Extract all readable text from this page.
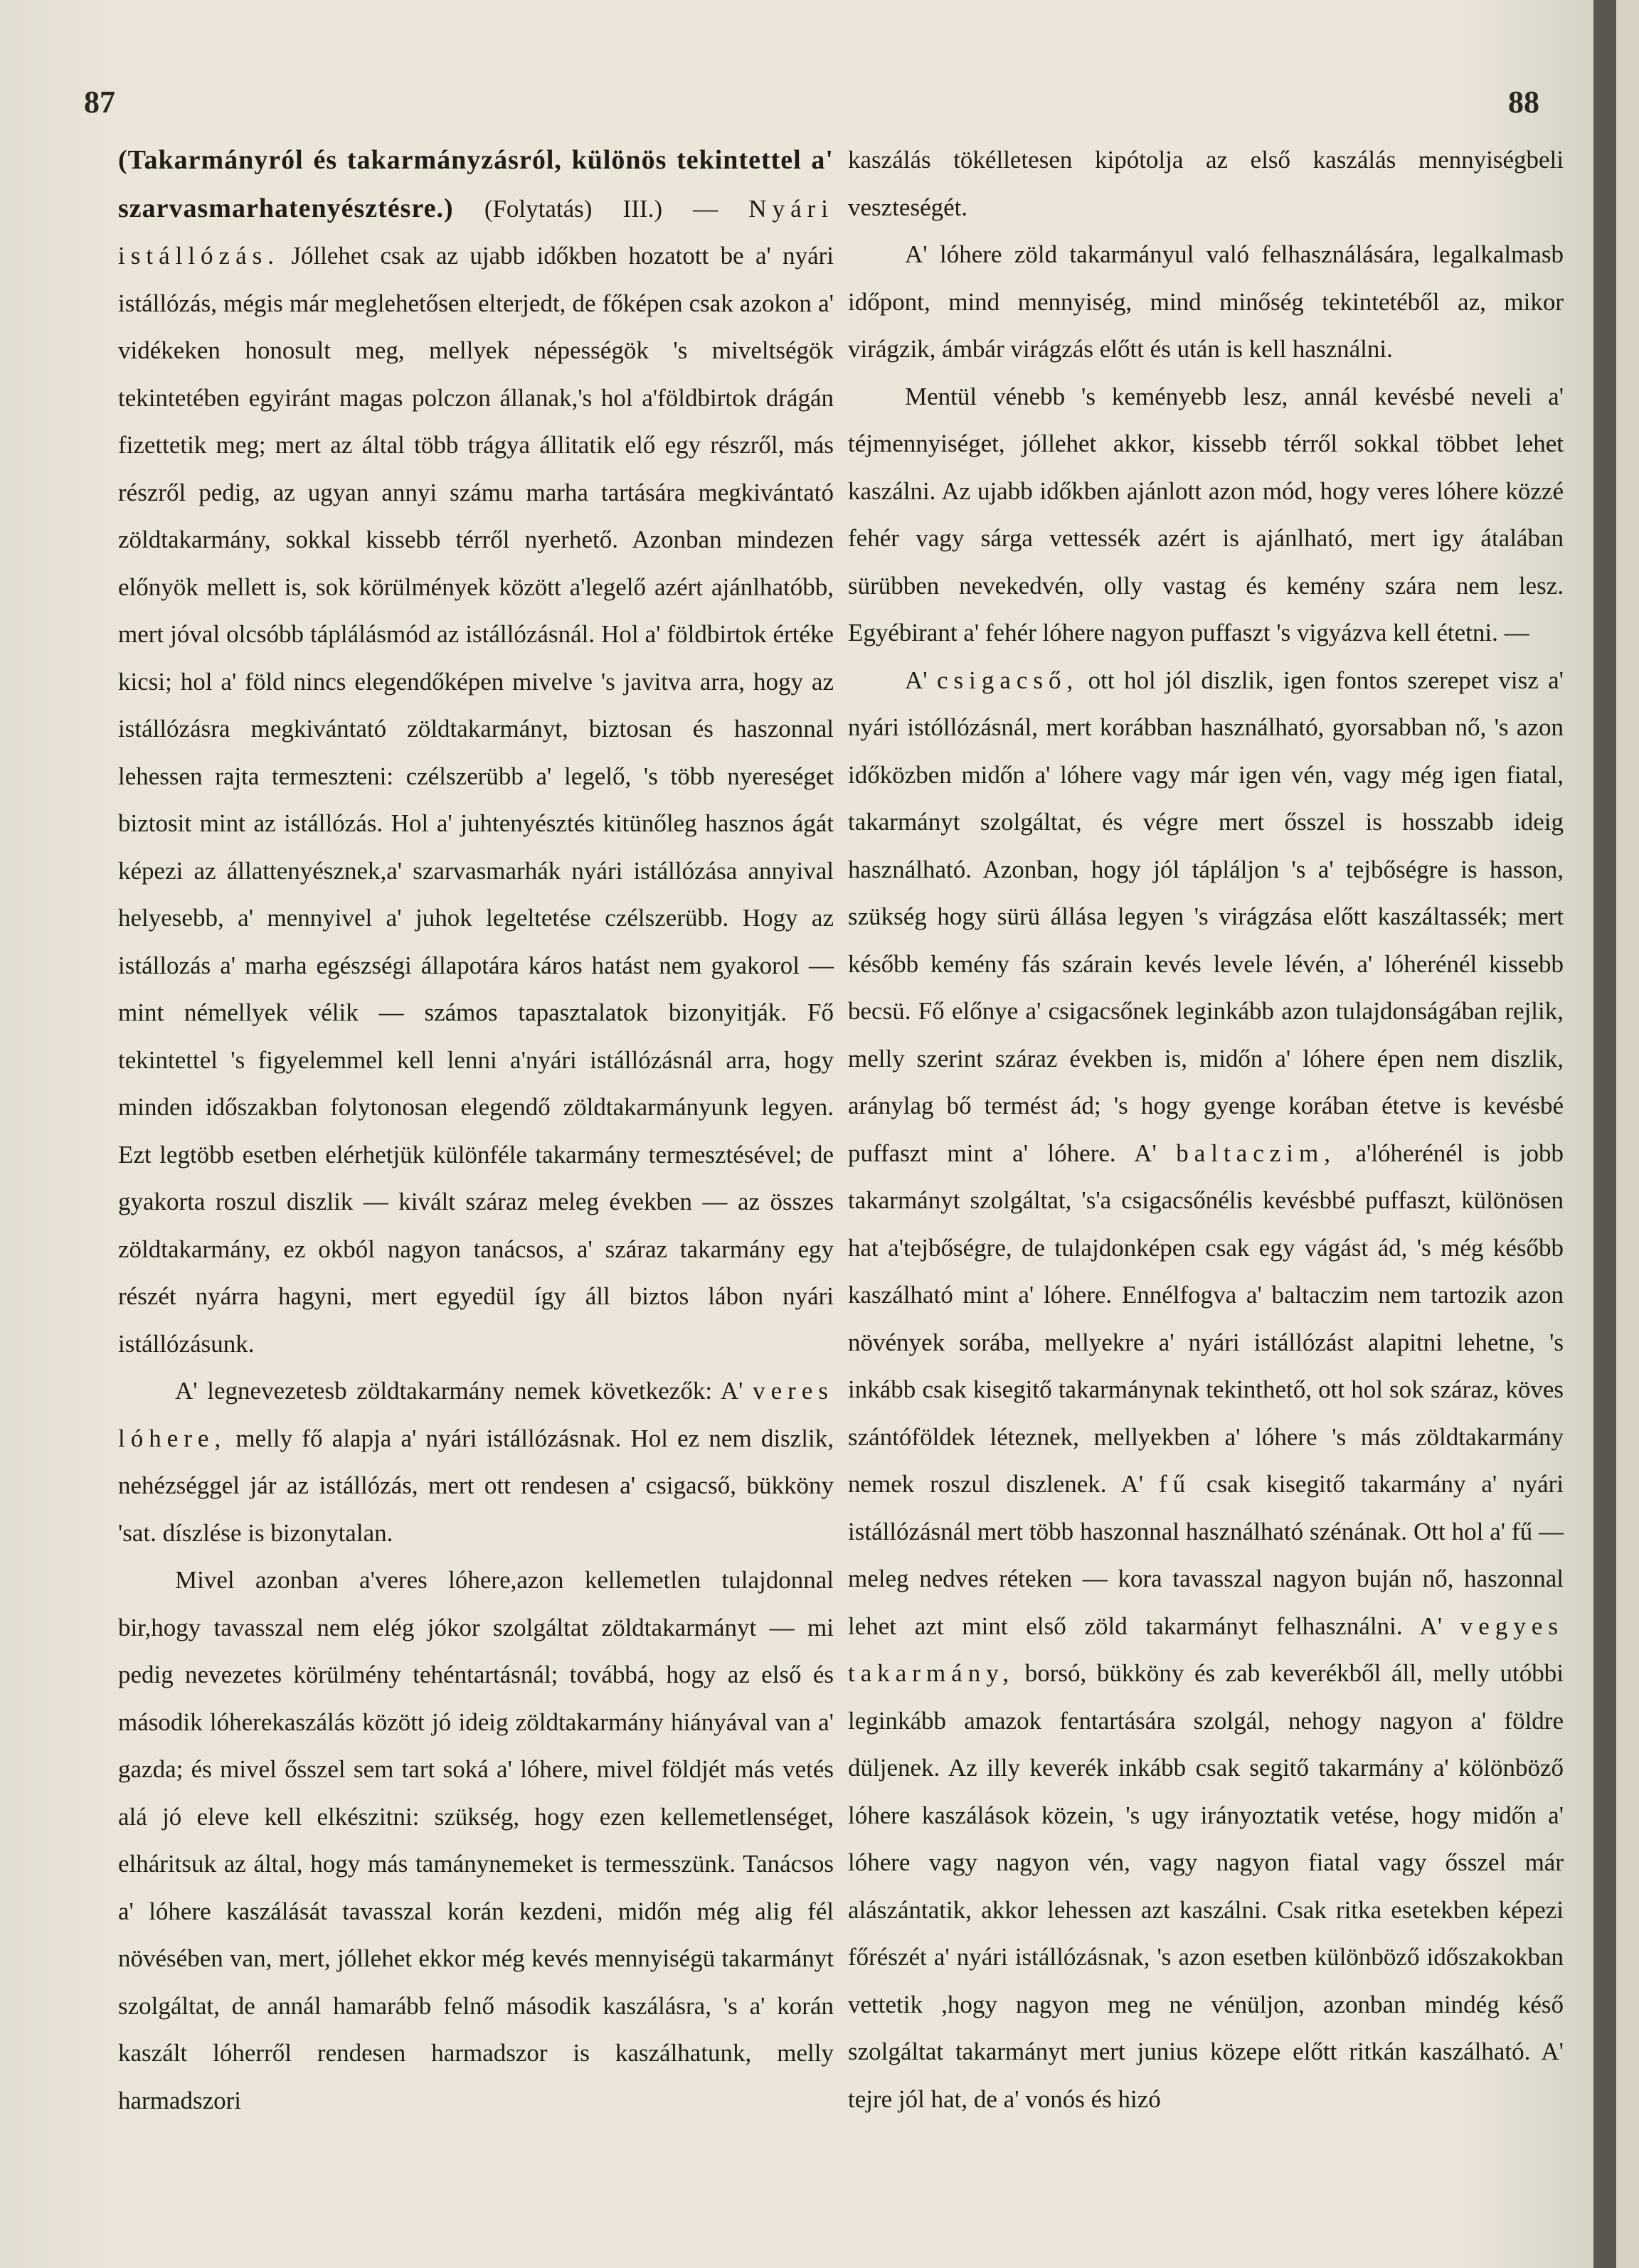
87	88

(Takarmányról és takarmányzásról, különös tekintettel a' szarvasmarhatenyésztésre.) (Folytatás) III.) — Nyári istállózás. Jóllehet csak az ujabb időkben hozatott be a' nyári istállózás, mégis már meglehetősen elterjedt, de főképen csak azokon a' vidékeken honosult meg, mellyek népességök 's miveltségök tekintetében egyiránt magas polczon állanak,'s hol a'földbirtok drágán fizettetik meg; mert az által több trágya állitatik elő egy részről, más részről pedig, az ugyan annyi számu marha tartására megkivántató zöldtakarmány, sokkal kissebb térről nyerhető. Azonban mindezen előnyök mellett is, sok körülmények között a'legelő azért ajánlhatóbb, mert jóval olcsóbb táplálásmód az istállózásnál. Hol a' földbirtok értéke kicsi; hol a' föld nincs elegendőképen mivelve 's javitva arra, hogy az istállózásra megkivántató zöldtakarmányt, biztosan és haszonnal lehessen rajta termeszteni: czélszerübb a' legelő, 's több nyereséget biztosit mint az istállózás. Hol a' juhtenyésztés kitünőleg hasznos ágát képezi az állattenyésznek,a' szarvasmarhák nyári istállózása annyival helyesebb, a' mennyivel a' juhok legeltetése czélszerübb. Hogy az istállozás a' marha egészségi állapotára káros hatást nem gyakorol — mint némellyek vélik — számos tapasztalatok bizonyitják. Fő tekintettel 's figyelemmel kell lenni a'nyári istállózásnál arra, hogy minden időszakban folytonosan elegendő zöldtakarmányunk legyen. Ezt legtöbb esetben elérhetjük különféle takarmány termesztésével; de gyakorta roszul diszlik — kivált száraz meleg években — az összes zöldtakarmány, ez okból nagyon tanácsos, a' száraz takarmány egy részét nyárra hagyni, mert egyedül így áll biztos lábon nyári istállózásunk.

A' legnevezetesb zöldtakarmány nemek következők: A' veres lóhere, melly fő alapja a' nyári istállózásnak. Hol ez nem diszlik, nehézséggel jár az istállózás, mert ott rendesen a' csigacső, bükköny 'sat. díszlése is bizonytalan.

Mivel azonban a'veres lóhere,azon kellemetlen tulajdonnal bir,hogy tavasszal nem elég jókor szolgáltat zöldtakarmányt — mi pedig nevezetes körülmény tehéntartásnál; továbbá, hogy az első és második lóherekaszálás között jó ideig zöldtakarmány hiányával van a' gazda; és mivel ősszel sem tart soká a' lóhere, mivel földjét más vetés alá jó eleve kell elkészitni: szükség, hogy ezen kellemetlenséget, elháritsuk az által, hogy más tamánynemeket is termesszünk. Tanácsos a' lóhere kaszálását tavasszal korán kezdeni, midőn még alig fél növésében van, mert, jóllehet ekkor még kevés mennyiségü takarmányt szolgáltat, de annál hamarább felnő második kaszálásra, 's a' korán kaszált lóherről rendesen harmadszor is kaszálhatunk, melly harmadszori

kaszálás tökélletesen kipótolja az első kaszálás mennyiségbeli veszteségét.

A' lóhere zöld takarmányul való felhasználására, legalkalmasb időpont, mind mennyiség, mind minőség tekintetéből az, mikor virágzik, ámbár virágzás előtt és után is kell használni.

Mentül vénebb 's keményebb lesz, annál kevésbé neveli a' téjmennyiséget, jóllehet akkor, kissebb térről sokkal többet lehet kaszálni. Az ujabb időkben ajánlott azon mód, hogy veres lóhere közzé fehér vagy sárga vettessék azért is ajánlható, mert igy átalában sürübben nevekedvén, olly vastag és kemény szára nem lesz. Egyébirant a' fehér lóhere nagyon puffaszt 's vigyázva kell étetni. —

A' csigacső, ott hol jól diszlik, igen fontos szerepet visz a' nyári istóllózásnál, mert korábban használható, gyorsabban nő, 's azon időközben midőn a' lóhere vagy már igen vén, vagy még igen fiatal, takarmányt szolgáltat, és végre mert ősszel is hosszabb ideig használható. Azonban, hogy jól tápláljon 's a' tejbőségre is hasson, szükség hogy sürü állása legyen 's virágzása előtt kaszáltassék; mert később kemény fás szárain kevés levele lévén, a' lóherénél kissebb becsü. Fő előnye a' csigacsőnek leginkább azon tulajdonságában rejlik, melly szerint száraz években is, midőn a' lóhere épen nem diszlik, aránylag bő termést ád; 's hogy gyenge korában étetve is kevésbé puffaszt mint a' lóhere. A' baltaczim, a'lóherénél is jobb takarmányt szolgáltat, 's'a csigacsőnélis kevésbbé puffaszt, különösen hat a'tejbőségre, de tulajdonképen csak egy vágást ád, 's még később kaszálható mint a' lóhere. Ennélfogva a' baltaczim nem tartozik azon növények sorába, mellyekre a' nyári istállózást alapitni lehetne, 's inkább csak kisegitő takarmánynak tekinthető, ott hol sok száraz, köves szántóföldek léteznek, mellyekben a' lóhere 's más zöldtakarmány nemek roszul diszlenek. A' fű csak kisegitő takarmány a' nyári istállózásnál mert több haszonnal használható szénának. Ott hol a' fű — meleg nedves réteken — kora tavasszal nagyon buján nő, haszonnal lehet azt mint első zöld takarmányt felhasználni. A' vegyes takarmány, borsó, bükköny és zab keverékből áll, melly utóbbi leginkább amazok fentartására szolgál, nehogy nagyon a' földre düljenek. Az illy keverék inkább csak segitő takarmány a' kölönböző lóhere kaszálások közein, 's ugy irányoztatik vetése, hogy midőn a' lóhere vagy nagyon vén, vagy nagyon fiatal vagy ősszel már alászántatik, akkor lehessen azt kaszálni. Csak ritka esetekben képezi főrészét a' nyári istállózásnak, 's azon esetben különböző időszakokban vettetik ,hogy nagyon meg ne vénüljon, azonban mindég késő szolgáltat takarmányt mert junius közepe előtt ritkán kaszálható. A' tejre jól hat, de a' vonós és hizó
